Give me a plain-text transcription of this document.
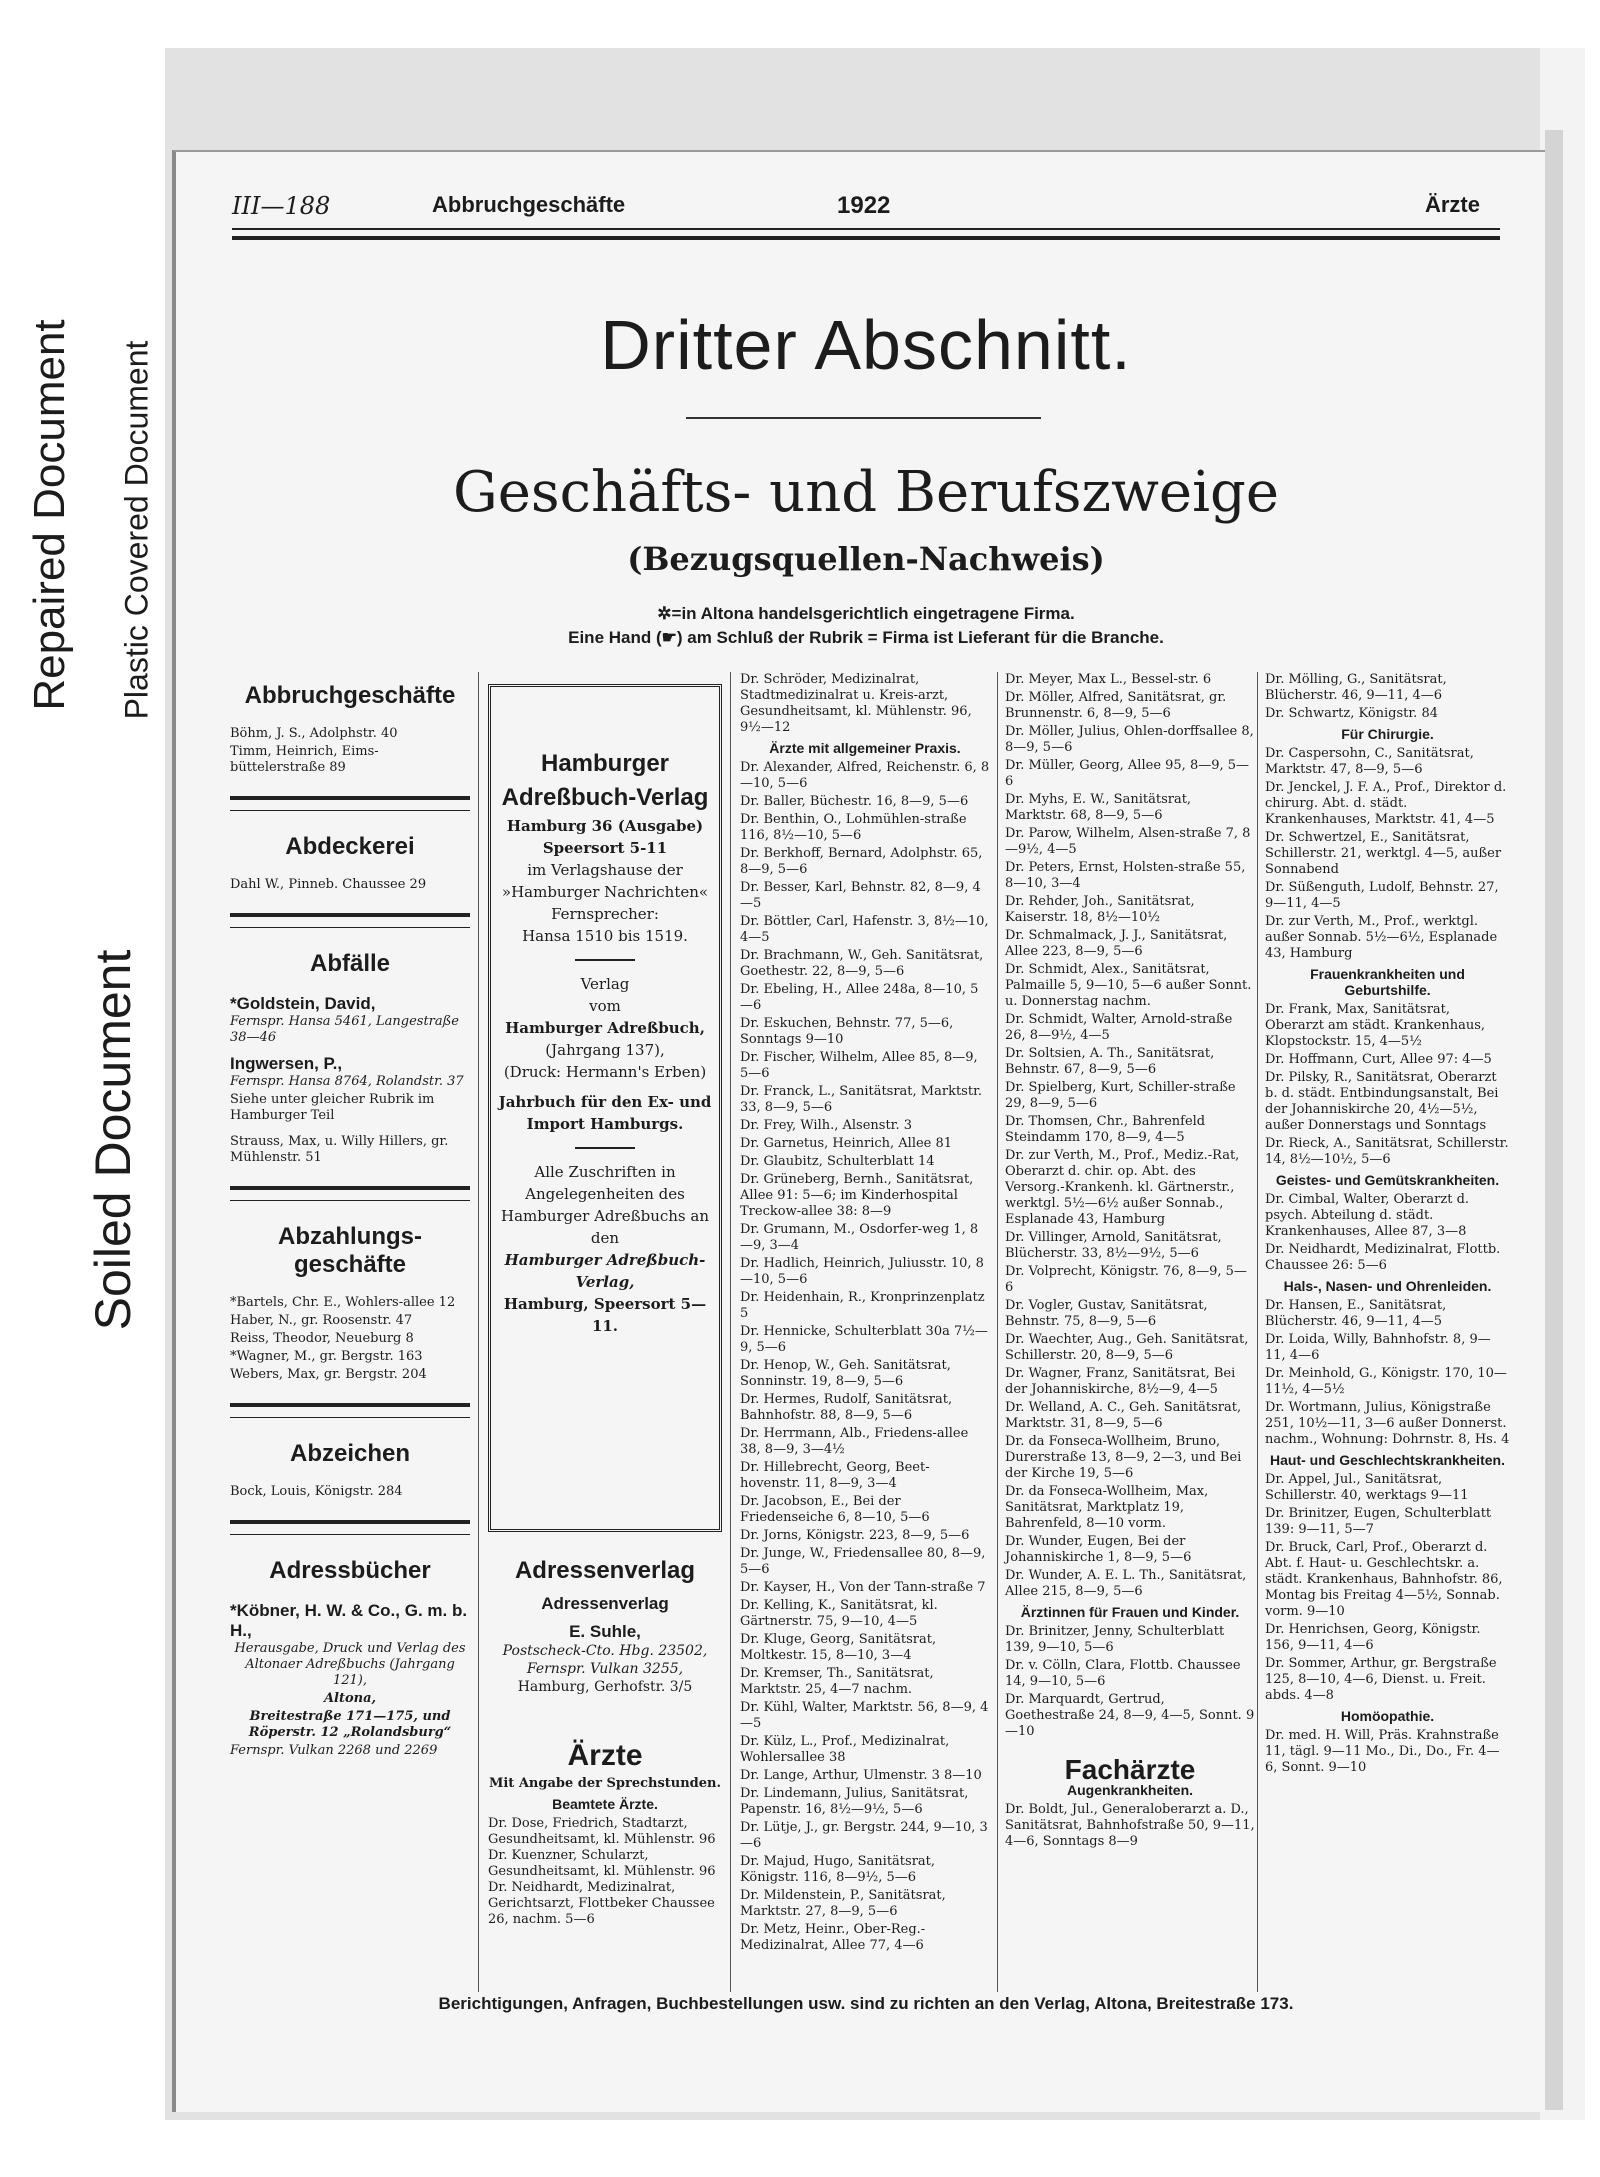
Repaired Document Plastic Covered Document
Soiled Document
III—188	Abbruchgeschäfte	1922	Ärzte
Dritter Abschnitt.
Geschäfts- und Berufszweige
(Bezugsquellen-Nachweis)
✲=in Altona handelsgerichtlich eingetragene Firma.
Eine Hand (☛) am Schluß der Rubrik = Firma ist Lieferant für die Branche.
Abbruchgeschäfte
Böhm, J. S., Adolphstr. 40
Timm, Heinrich, Eims-büttelerstraße 89
Abdeckerei
Dahl W., Pinneb. Chaussee 29
Abfälle
*Goldstein, David,
Fernspr. Hansa 5461, Langestraße 38—46
Ingwersen, P.,
Fernspr. Hansa 8764, Rolandstr. 37
Siehe unter gleicher Rubrik im Hamburger Teil
Strauss, Max, u. Willy Hillers, gr. Mühlenstr. 51
Abzahlungs-geschäfte
*Bartels, Chr. E., Wohlers-allee 12
Haber, N., gr. Roosenstr. 47
Reiss, Theodor, Neueburg 8
*Wagner, M., gr. Bergstr. 163
Webers, Max, gr. Bergstr. 204
Abzeichen
Bock, Louis, Königstr. 284
Adressbücher
*Köbner, H. W. & Co., G. m. b. H.,
Herausgabe, Druck und Verlag des Altonaer Adreßbuchs (Jahrgang 121),
Altona,
Breitestraße 171—175, und Röperstr. 12 „Rolandsburg“
Fernspr. Vulkan 2268 und 2269
Hamburger
Adreßbuch-Verlag
Hamburg 36 (Ausgabe)
Speersort 5-11
im Verlagshause der
»Hamburger Nachrichten«
Fernsprecher:
Hansa 1510 bis 1519.
Verlag
vom
Hamburger Adreßbuch,
(Jahrgang 137),
(Druck: Hermann's Erben)
Jahrbuch für den Ex- und Import Hamburgs.
Alle Zuschriften in Angelegenheiten des Hamburger Adreßbuchs an den
Hamburger Adreßbuch-Verlag,
Hamburg, Speersort 5—11.
Adressenverlag
Adressenverlag
E. Suhle,
Postscheck-Cto. Hbg. 23502, Fernspr. Vulkan 3255,
Hamburg, Gerhofstr. 3/5
Ärzte
Mit Angabe der Sprechstunden.
Beamtete Ärzte.
Dr. Dose, Friedrich, Stadtarzt, Gesundheitsamt, kl. Mühlenstr. 96
Dr. Kuenzner, Schularzt, Gesundheitsamt, kl. Mühlenstr. 96
Dr. Neidhardt, Medizinalrat, Gerichtsarzt, Flottbeker Chaussee 26, nachm. 5—6
Dr. Schröder, Medizinalrat, Stadtmedizinalrat u. Kreis-arzt, Gesundheitsamt, kl. Mühlenstr. 96, 9½—12
Ärzte mit allgemeiner Praxis.
Dr. Alexander, Alfred, Reichenstr. 6, 8—10, 5—6
Dr. Baller, Büchestr. 16, 8—9, 5—6
Dr. Benthin, O., Lohmühlen-straße 116, 8½—10, 5—6
Dr. Berkhoff, Bernard, Adolphstr. 65, 8—9, 5—6
Dr. Besser, Karl, Behnstr. 82, 8—9, 4—5
Dr. Böttler, Carl, Hafenstr. 3, 8½—10, 4—5
Dr. Brachmann, W., Geh. Sanitätsrat, Goethestr. 22, 8—9, 5—6
Dr. Ebeling, H., Allee 248a, 8—10, 5—6
Dr. Eskuchen, Behnstr. 77, 5—6, Sonntags 9—10
Dr. Fischer, Wilhelm, Allee 85, 8—9, 5—6
Dr. Franck, L., Sanitätsrat, Marktstr. 33, 8—9, 5—6
Dr. Frey, Wilh., Alsenstr. 3
Dr. Garnetus, Heinrich, Allee 81
Dr. Glaubitz, Schulterblatt 14
Dr. Grüneberg, Bernh., Sanitätsrat, Allee 91: 5—6; im Kinderhospital Treckow-allee 38: 8—9
Dr. Grumann, M., Osdorfer-weg 1, 8—9, 3—4
Dr. Hadlich, Heinrich, Juliusstr. 10, 8—10, 5—6
Dr. Heidenhain, R., Kronprinzenplatz 5
Dr. Hennicke, Schulterblatt 30a 7½—9, 5—6
Dr. Henop, W., Geh. Sanitätsrat, Sonninstr. 19, 8—9, 5—6
Dr. Hermes, Rudolf, Sanitätsrat, Bahnhofstr. 88, 8—9, 5—6
Dr. Herrmann, Alb., Friedens-allee 38, 8—9, 3—4½
Dr. Hillebrecht, Georg, Beet-hovenstr. 11, 8—9, 3—4
Dr. Jacobson, E., Bei der Friedenseiche 6, 8—10, 5—6
Dr. Jorns, Königstr. 223, 8—9, 5—6
Dr. Junge, W., Friedensallee 80, 8—9, 5—6
Dr. Kayser, H., Von der Tann-straße 7
Dr. Kelling, K., Sanitätsrat, kl. Gärtnerstr. 75, 9—10, 4—5
Dr. Kluge, Georg, Sanitätsrat, Moltkestr. 15, 8—10, 3—4
Dr. Kremser, Th., Sanitätsrat, Marktstr. 25, 4—7 nachm.
Dr. Kühl, Walter, Marktstr. 56, 8—9, 4—5
Dr. Külz, L., Prof., Medizinalrat, Wohlersallee 38
Dr. Lange, Arthur, Ulmenstr. 3 8—10
Dr. Lindemann, Julius, Sanitätsrat, Papenstr. 16, 8½—9½, 5—6
Dr. Lütje, J., gr. Bergstr. 244, 9—10, 3—6
Dr. Majud, Hugo, Sanitätsrat, Königstr. 116, 8—9½, 5—6
Dr. Mildenstein, P., Sanitätsrat, Marktstr. 27, 8—9, 5—6
Dr. Metz, Heinr., Ober-Reg.-Medizinalrat, Allee 77, 4—6
Dr. Meyer, Max L., Bessel-str. 6
Dr. Möller, Alfred, Sanitätsrat, gr. Brunnenstr. 6, 8—9, 5—6
Dr. Möller, Julius, Ohlen-dorffsallee 8, 8—9, 5—6
Dr. Müller, Georg, Allee 95, 8—9, 5—6
Dr. Myhs, E. W., Sanitätsrat, Marktstr. 68, 8—9, 5—6
Dr. Parow, Wilhelm, Alsen-straße 7, 8—9½, 4—5
Dr. Peters, Ernst, Holsten-straße 55, 8—10, 3—4
Dr. Rehder, Joh., Sanitätsrat, Kaiserstr. 18, 8½—10½
Dr. Schmalmack, J. J., Sanitätsrat, Allee 223, 8—9, 5—6
Dr. Schmidt, Alex., Sanitätsrat, Palmaille 5, 9—10, 5—6 außer Sonnt. u. Donnerstag nachm.
Dr. Schmidt, Walter, Arnold-straße 26, 8—9½, 4—5
Dr. Soltsien, A. Th., Sanitätsrat, Behnstr. 67, 8—9, 5—6
Dr. Spielberg, Kurt, Schiller-straße 29, 8—9, 5—6
Dr. Thomsen, Chr., Bahrenfeld Steindamm 170, 8—9, 4—5
Dr. zur Verth, M., Prof., Mediz.-Rat, Oberarzt d. chir. op. Abt. des Versorg.-Krankenh. kl. Gärtnerstr., werktgl. 5½—6½ außer Sonnab., Esplanade 43, Hamburg
Dr. Villinger, Arnold, Sanitätsrat, Blücherstr. 33, 8½—9½, 5—6
Dr. Volprecht, Königstr. 76, 8—9, 5—6
Dr. Vogler, Gustav, Sanitätsrat, Behnstr. 75, 8—9, 5—6
Dr. Waechter, Aug., Geh. Sanitätsrat, Schillerstr. 20, 8—9, 5—6
Dr. Wagner, Franz, Sanitätsrat, Bei der Johanniskirche, 8½—9, 4—5
Dr. Welland, A. C., Geh. Sanitätsrat, Marktstr. 31, 8—9, 5—6
Dr. da Fonseca-Wollheim, Bruno, Durerstraße 13, 8—9, 2—3, und Bei der Kirche 19, 5—6
Dr. da Fonseca-Wollheim, Max, Sanitätsrat, Marktplatz 19, Bahrenfeld, 8—10 vorm.
Dr. Wunder, Eugen, Bei der Johanniskirche 1, 8—9, 5—6
Dr. Wunder, A. E. L. Th., Sanitätsrat, Allee 215, 8—9, 5—6
Ärztinnen für Frauen und Kinder.
Dr. Brinitzer, Jenny, Schulterblatt 139, 9—10, 5—6
Dr. v. Cölln, Clara, Flottb. Chaussee 14, 9—10, 5—6
Dr. Marquardt, Gertrud, Goethestraße 24, 8—9, 4—5, Sonnt. 9—10
Fachärzte
Augenkrankheiten.
Dr. Boldt, Jul., Generaloberarzt a. D., Sanitätsrat, Bahnhofstraße 50, 9—11, 4—6, Sonntags 8—9
Dr. Mölling, G., Sanitätsrat, Blücherstr. 46, 9—11, 4—6
Dr. Schwartz, Königstr. 84
Für Chirurgie.
Dr. Caspersohn, C., Sanitätsrat, Marktstr. 47, 8—9, 5—6
Dr. Jenckel, J. F. A., Prof., Direktor d. chirurg. Abt. d. städt. Krankenhauses, Marktstr. 41, 4—5
Dr. Schwertzel, E., Sanitätsrat, Schillerstr. 21, werktgl. 4—5, außer Sonnabend
Dr. Süßenguth, Ludolf, Behnstr. 27, 9—11, 4—5
Dr. zur Verth, M., Prof., werktgl. außer Sonnab. 5½—6½, Esplanade 43, Hamburg
Frauenkrankheiten und Geburtshilfe.
Dr. Frank, Max, Sanitätsrat, Oberarzt am städt. Krankenhaus, Klopstockstr. 15, 4—5½
Dr. Hoffmann, Curt, Allee 97: 4—5
Dr. Pilsky, R., Sanitätsrat, Oberarzt b. d. städt. Entbindungsanstalt, Bei der Johanniskirche 20, 4½—5½, außer Donnerstags und Sonntags
Dr. Rieck, A., Sanitätsrat, Schillerstr. 14, 8½—10½, 5—6
Geistes- und Gemütskrankheiten.
Dr. Cimbal, Walter, Oberarzt d. psych. Abteilung d. städt. Krankenhauses, Allee 87, 3—8
Dr. Neidhardt, Medizinalrat, Flottb. Chaussee 26: 5—6
Hals-, Nasen- und Ohrenleiden.
Dr. Hansen, E., Sanitätsrat, Blücherstr. 46, 9—11, 4—5
Dr. Loida, Willy, Bahnhofstr. 8, 9—11, 4—6
Dr. Meinhold, G., Königstr. 170, 10—11½, 4—5½
Dr. Wortmann, Julius, Königstraße 251, 10½—11, 3—6 außer Donnerst. nachm., Wohnung: Dohrnstr. 8, Hs. 4
Haut- und Geschlechtskrankheiten.
Dr. Appel, Jul., Sanitätsrat, Schillerstr. 40, werktags 9—11
Dr. Brinitzer, Eugen, Schulterblatt 139: 9—11, 5—7
Dr. Bruck, Carl, Prof., Oberarzt d. Abt. f. Haut- u. Geschlechtskr. a. städt. Krankenhaus, Bahnhofstr. 86, Montag bis Freitag 4—5½, Sonnab. vorm. 9—10
Dr. Henrichsen, Georg, Königstr. 156, 9—11, 4—6
Dr. Sommer, Arthur, gr. Bergstraße 125, 8—10, 4—6, Dienst. u. Freit. abds. 4—8
Homöopathie.
Dr. med. H. Will, Präs. Krahnstraße 11, tägl. 9—11 Mo., Di., Do., Fr. 4—6, Sonnt. 9—10
Berichtigungen, Anfragen, Buchbestellungen usw. sind zu richten an den Verlag, Altona, Breitestraße 173.
